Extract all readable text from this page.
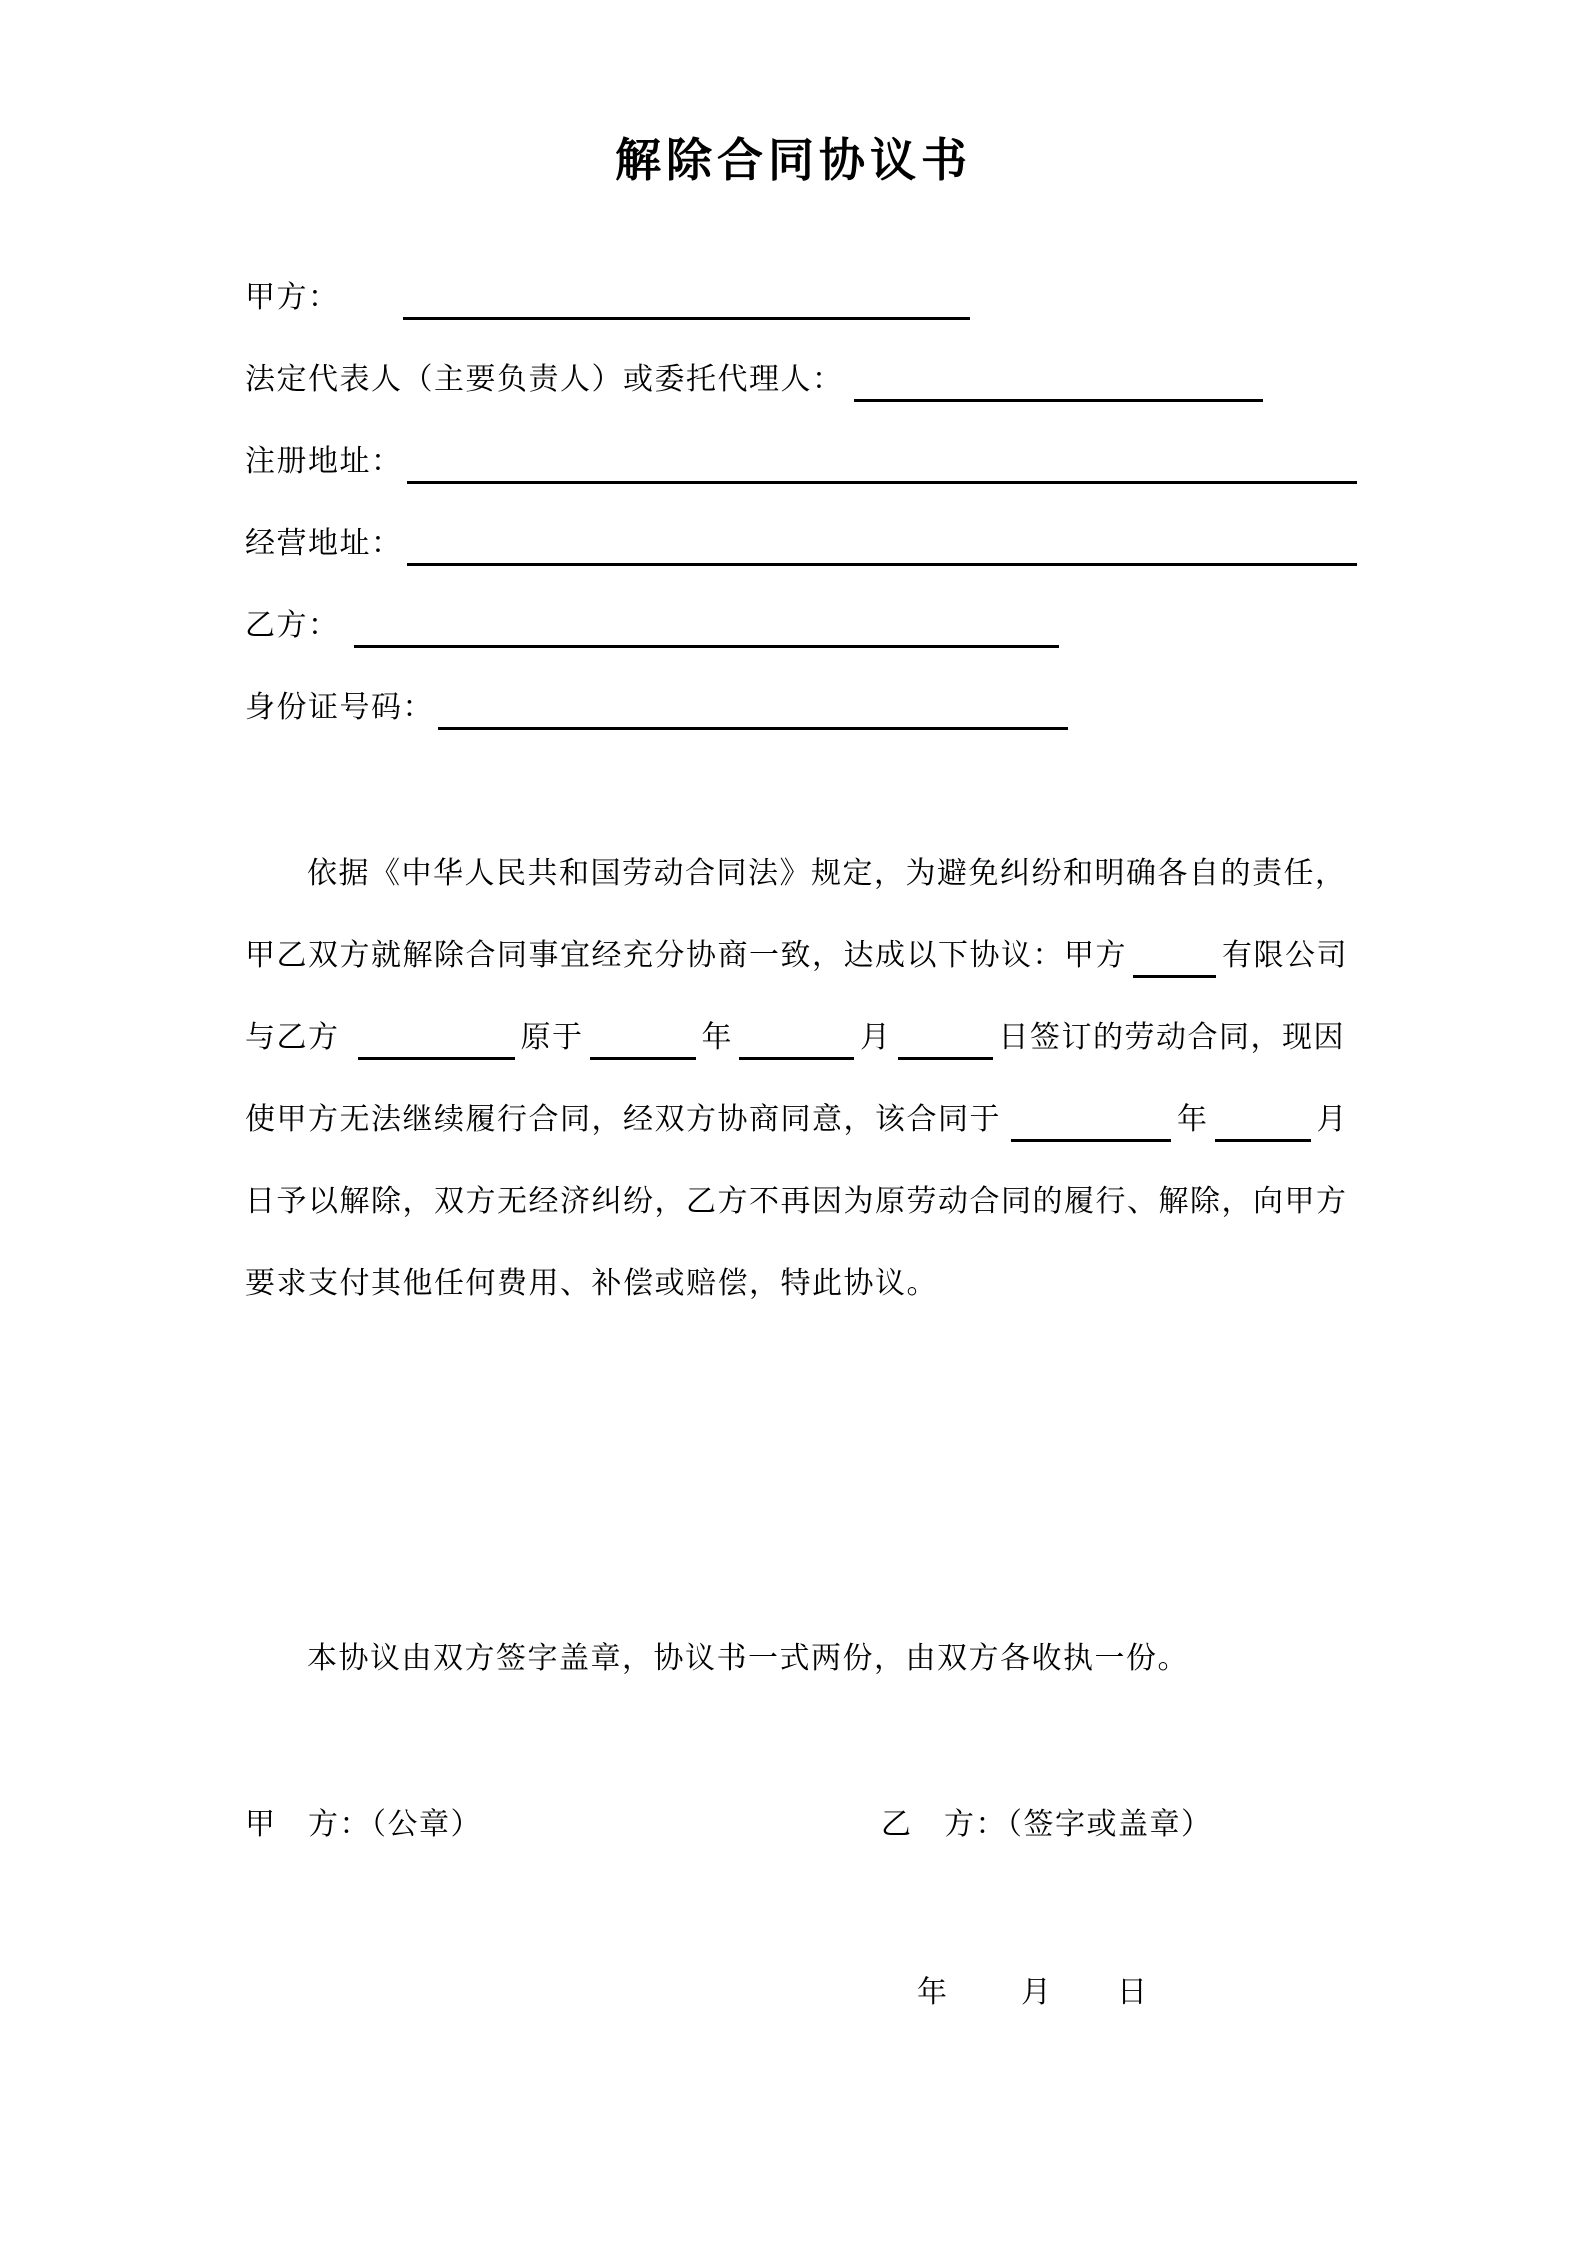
解除合同协议书
甲方：
法定代表人（主要负责人）或委托代理人：
注册地址：
经营地址：
乙方：
身份证号码：
依据《中华人民共和国劳动合同法》规定，为避免纠纷和明确各自的责任，
甲乙双方就解除合同事宜经充分协商一致，达成以下协议：甲方	有限公司
与乙方	原于	年	月	日签订的劳动合同，现因
使甲方无法继续履行合同，经双方协商同意，该合同于	年	月
日予以解除，双方无经济纠纷，乙方不再因为原劳动合同的履行、解除，向甲方
要求支付其他任何费用、补偿或赔偿，特此协议。
本协议由双方签字盖章，协议书一式两份，由双方各收执一份。
甲　方：（公章）	乙　方：（签字或盖章）
年 月 日
